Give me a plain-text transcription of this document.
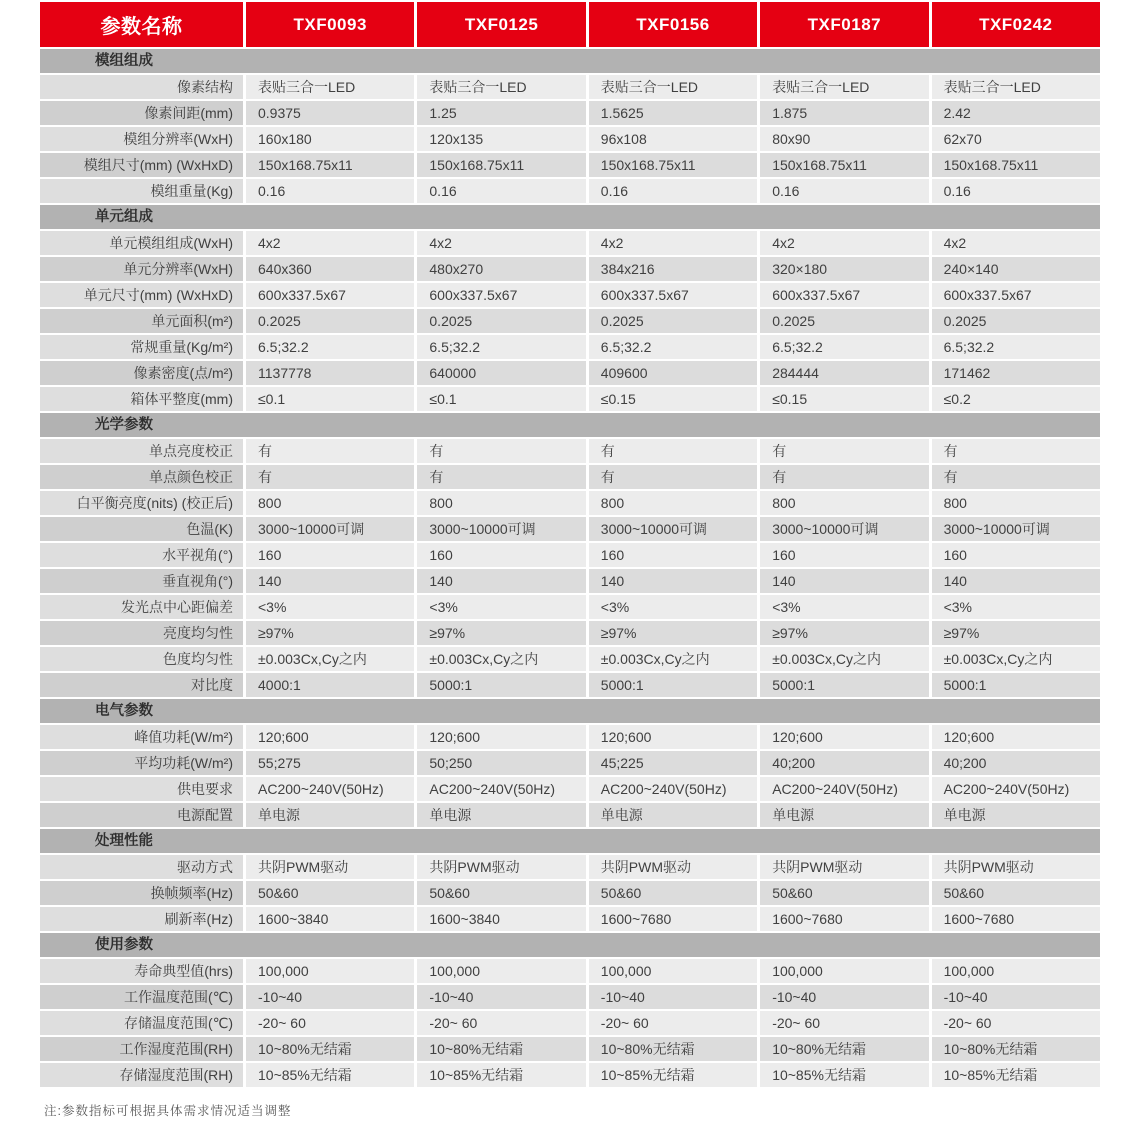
参数名称	TXF0093	TXF0125	TXF0156	TXF0187	TXF0242
模组组成
像素结构	表贴三合一LED	表贴三合一LED	表贴三合一LED	表贴三合一LED	表贴三合一LED
像素间距(mm)	0.9375	1.25	1.5625	1.875	2.42
模组分辨率(WxH)	160x180	120x135	96x108	80x90	62x70
模组尺寸(mm) (WxHxD)	150x168.75x11	150x168.75x11	150x168.75x11	150x168.75x11	150x168.75x11
模组重量(Kg)	0.16	0.16	0.16	0.16	0.16
单元组成
单元模组组成(WxH)	4x2	4x2	4x2	4x2	4x2
单元分辨率(WxH)	640x360	480x270	384x216	320×180	240×140
单元尺寸(mm) (WxHxD)	600x337.5x67	600x337.5x67	600x337.5x67	600x337.5x67	600x337.5x67
单元面积(m²)	0.2025	0.2025	0.2025	0.2025	0.2025
常规重量(Kg/m²)	6.5;32.2	6.5;32.2	6.5;32.2	6.5;32.2	6.5;32.2
像素密度(点/m²)	1137778	640000	409600	284444	171462
箱体平整度(mm)	≤0.1	≤0.1	≤0.15	≤0.15	≤0.2
光学参数
单点亮度校正	有	有	有	有	有
单点颜色校正	有	有	有	有	有
白平衡亮度(nits) (校正后)	800	800	800	800	800
色温(K)	3000~10000可调	3000~10000可调	3000~10000可调	3000~10000可调	3000~10000可调
水平视角(°)	160	160	160	160	160
垂直视角(°)	140	140	140	140	140
发光点中心距偏差	<3%	<3%	<3%	<3%	<3%
亮度均匀性	≥97%	≥97%	≥97%	≥97%	≥97%
色度均匀性	±0.003Cx,Cy之内	±0.003Cx,Cy之内	±0.003Cx,Cy之内	±0.003Cx,Cy之内	±0.003Cx,Cy之内
对比度	4000:1	5000:1	5000:1	5000:1	5000:1
电气参数
峰值功耗(W/m²)	120;600	120;600	120;600	120;600	120;600
平均功耗(W/m²)	55;275	50;250	45;225	40;200	40;200
供电要求	AC200~240V(50Hz)	AC200~240V(50Hz)	AC200~240V(50Hz)	AC200~240V(50Hz)	AC200~240V(50Hz)
电源配置	单电源	单电源	单电源	单电源	单电源
处理性能
驱动方式	共阴PWM驱动	共阴PWM驱动	共阴PWM驱动	共阴PWM驱动	共阴PWM驱动
换帧频率(Hz)	50&60	50&60	50&60	50&60	50&60
刷新率(Hz)	1600~3840	1600~3840	1600~7680	1600~7680	1600~7680
使用参数
寿命典型值(hrs)	100,000	100,000	100,000	100,000	100,000
工作温度范围(℃)	-10~40	-10~40	-10~40	-10~40	-10~40
存储温度范围(℃)	-20~ 60	-20~ 60	-20~ 60	-20~ 60	-20~ 60
工作湿度范围(RH)	10~80%无结霜	10~80%无结霜	10~80%无结霜	10~80%无结霜	10~80%无结霜
存储湿度范围(RH)	10~85%无结霜	10~85%无结霜	10~85%无结霜	10~85%无结霜	10~85%无结霜
注:参数指标可根据具体需求情况适当调整
